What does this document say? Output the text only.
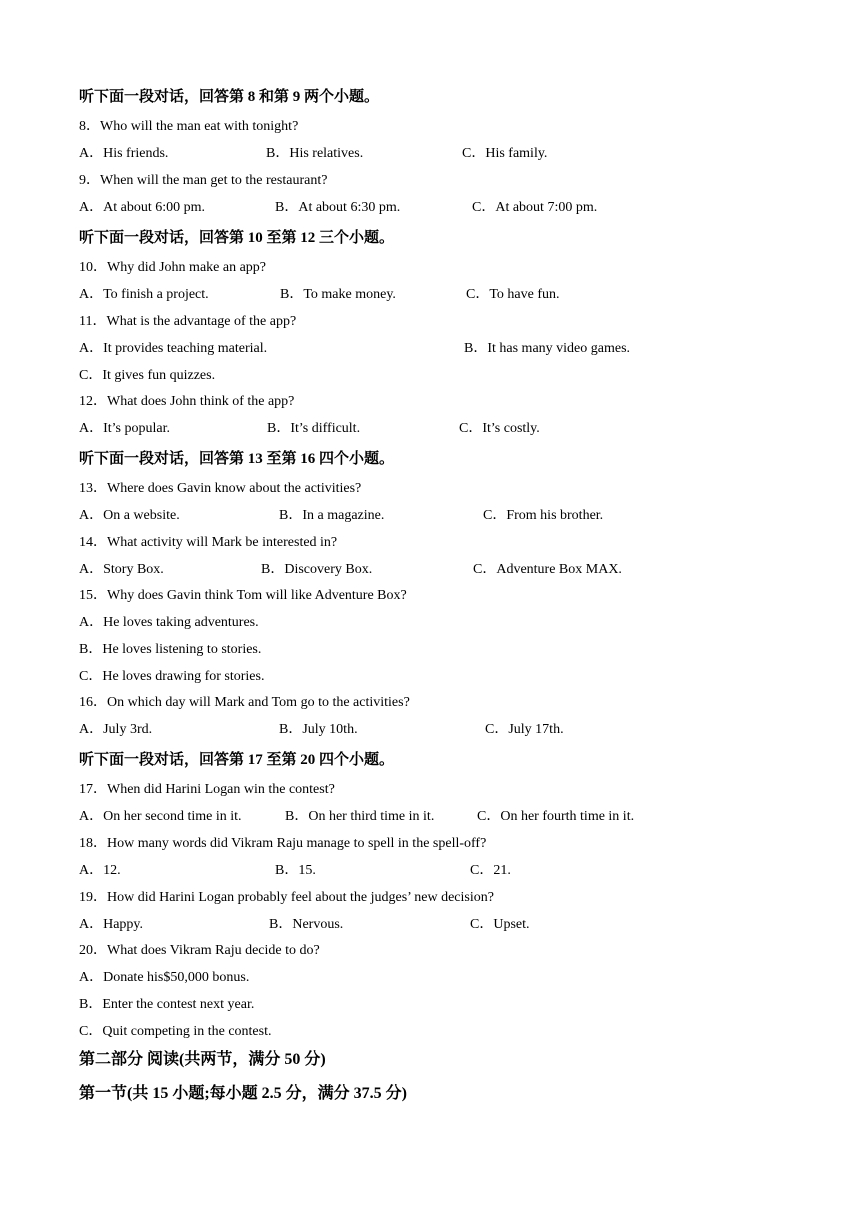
听下面一段对话，回答第 8 和第 9 两个小题。
8．Who will the man eat with tonight?
A．His friends.	B．His relatives.	C．His family.
9．When will the man get to the restaurant?
A．At about 6:00 pm.	B．At about 6:30 pm.	C．At about 7:00 pm.
听下面一段对话，回答第 10 至第 12 三个小题。
10．Why did John make an app?
A．To finish a project.	B．To make money.	C．To have fun.
11．What is the advantage of the app?
A．It provides teaching material.	B．It has many video games.
C．It gives fun quizzes.
12．What does John think of the app?
A．It’s popular.	B．It’s difficult.	C．It’s costly.
听下面一段对话，回答第 13 至第 16 四个小题。
13．Where does Gavin know about the activities?
A．On a website.	B．In a magazine.	C．From his brother.
14．What activity will Mark be interested in?
A．Story Box.	B．Discovery Box.	C．Adventure Box MAX.
15．Why does Gavin think Tom will like Adventure Box?
A．He loves taking adventures.
B．He loves listening to stories.
C．He loves drawing for stories.
16．On which day will Mark and Tom go to the activities?
A．July 3rd.	B．July 10th.	C．July 17th.
听下面一段对话，回答第 17 至第 20 四个小题。
17．When did Harini Logan win the contest?
A．On her second time in it.	B．On her third time in it.	C．On her fourth time in it.
18．How many words did Vikram Raju manage to spell in the spell-off?
A．12.	B．15.	C．21.
19．How did Harini Logan probably feel about the judges’ new decision?
A．Happy.	B．Nervous.	C．Upset.
20．What does Vikram Raju decide to do?
A．Donate his$50,000 bonus.
B．Enter the contest next year.
C．Quit competing in the contest.
第二部分 阅读(共两节，满分 50 分)
第一节(共 15 小题;每小题 2.5 分，满分 37.5 分)
